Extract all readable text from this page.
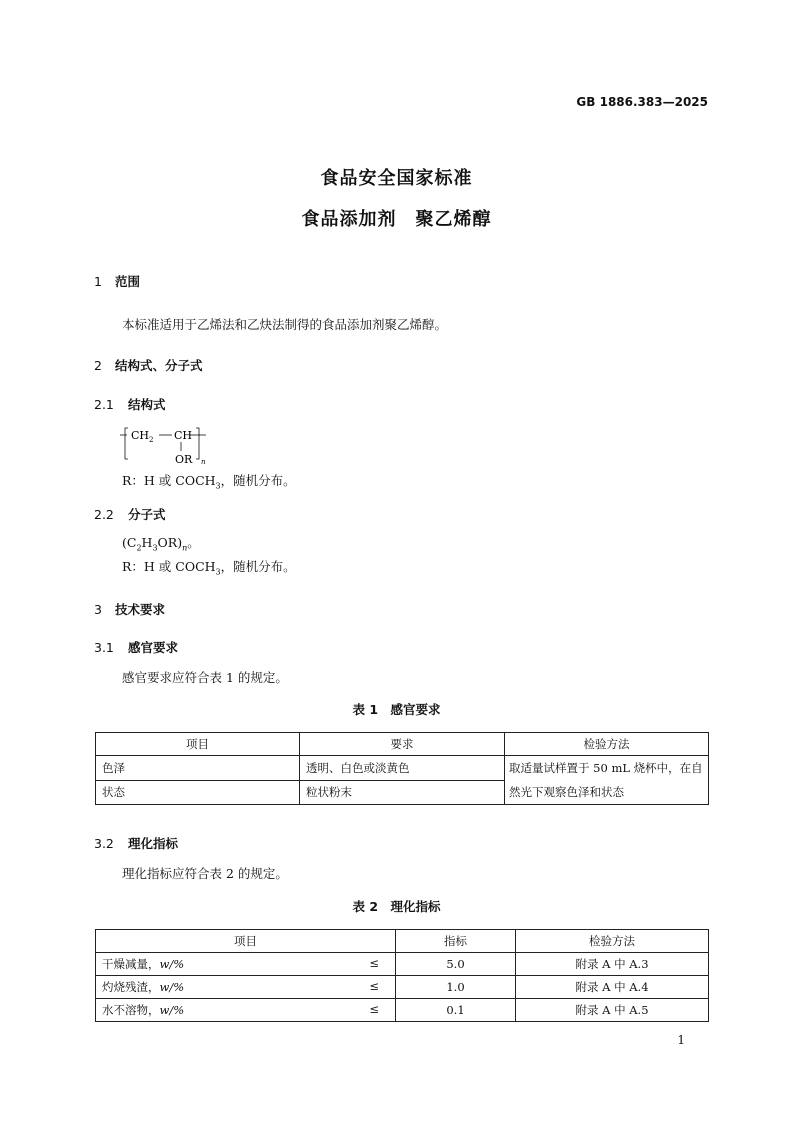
GB 1886.383—2025
食品安全国家标准
食品添加剂　聚乙烯醇
1 范围
本标准适用于乙烯法和乙炔法制得的食品添加剂聚乙烯醇。
2 结构式、分子式
2.1 结构式
$CH_2$ CH
OR n
R：H 或 $COCH_3$，随机分布。
2.2 分子式
$(C_2H_3OR)_n$。
R：H 或 $COCH_3$，随机分布。
3 技术要求
3.1 感官要求
感官要求应符合表 1 的规定。
表 1　感官要求
项目	要求	检验方法
色泽	透明、白色或淡黄色	取适量试样置于 50 mL 烧杯中，在自然光下观察色泽和状态
状态	粒状粉末	
3.2 理化指标
理化指标应符合表 2 的规定。
表 2　理化指标
项目	指标	检验方法
干燥减量，w/% ≤	5.0	附录 A 中 A.3
灼烧残渣，w/% ≤	1.0	附录 A 中 A.4
水不溶物，w/% ≤	0.1	附录 A 中 A.5
1
